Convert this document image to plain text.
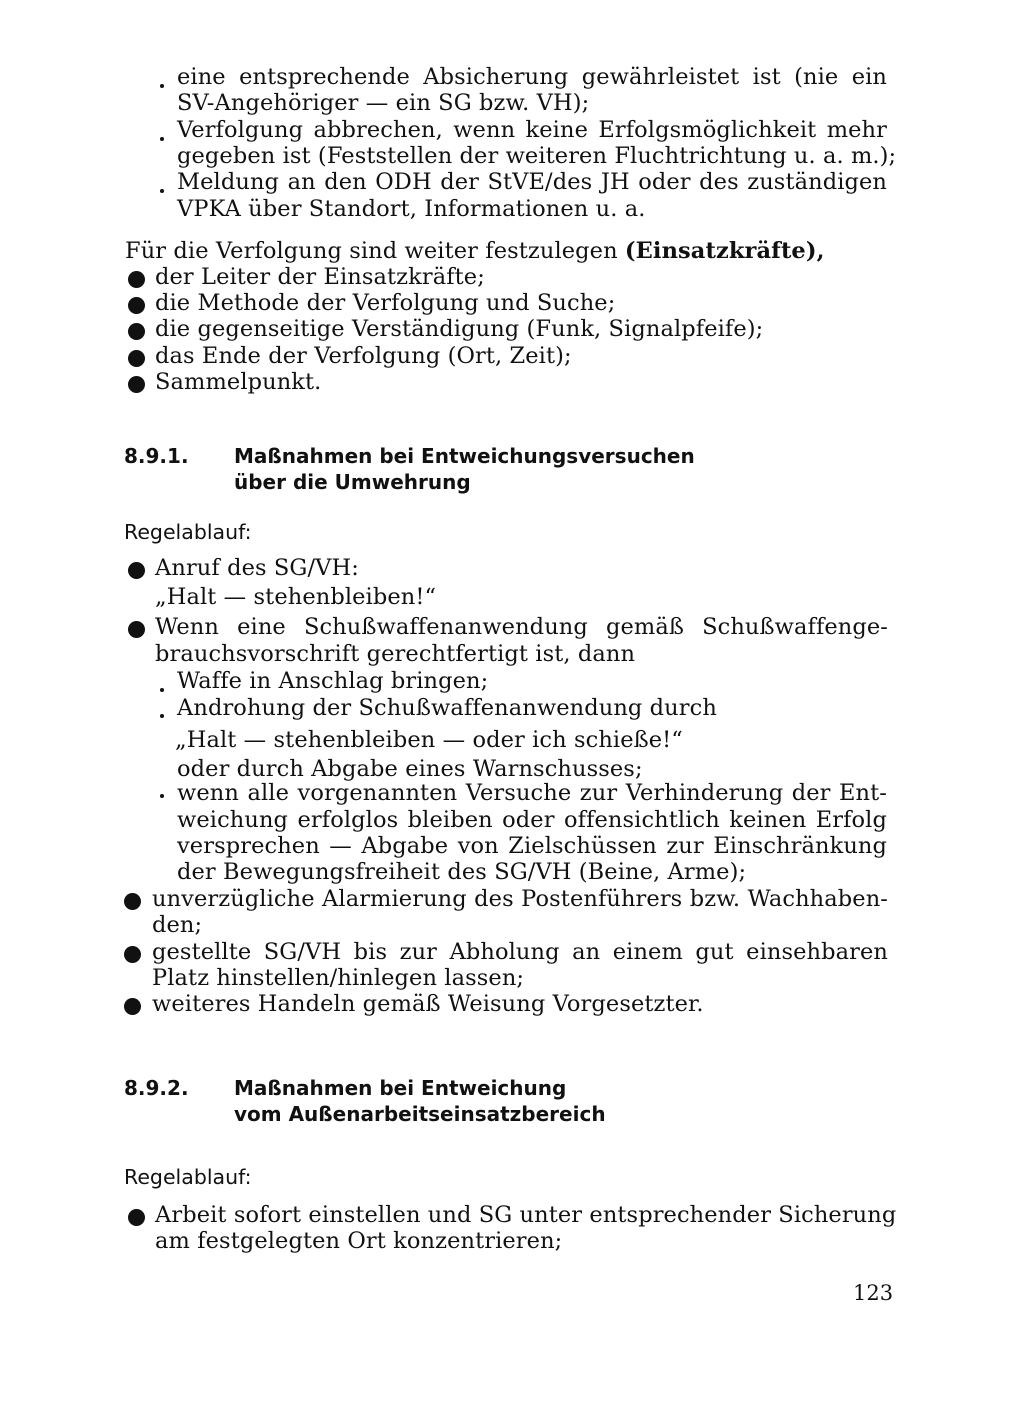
eine entsprechende Absicherung gewährleistet ist (nie ein
SV-Angehöriger — ein SG bzw. VH);
Verfolgung abbrechen, wenn keine Erfolgsmöglichkeit mehr
gegeben ist (Feststellen der weiteren Fluchtrichtung u. a. m.);
Meldung an den ODH der StVE/des JH oder des zuständigen
VPKA über Standort, Informationen u. a.
Für die Verfolgung sind weiter festzulegen (Einsatzkräfte),
der Leiter der Einsatzkräfte;
die Methode der Verfolgung und Suche;
die gegenseitige Verständigung (Funk, Signalpfeife);
das Ende der Verfolgung (Ort, Zeit);
Sammelpunkt.
8.9.1. Maßnahmen bei Entweichungsversuchen
über die Umwehrung
Regelablauf:
Anruf des SG/VH:
„Halt — stehenbleiben!“
Wenn eine Schußwaffenanwendung gemäß Schußwaffenge-
brauchsvorschrift gerechtfertigt ist, dann
Waffe in Anschlag bringen;
Androhung der Schußwaffenanwendung durch
„Halt — stehenbleiben — oder ich schieße!“
oder durch Abgabe eines Warnschusses;
wenn alle vorgenannten Versuche zur Verhinderung der Ent-
weichung erfolglos bleiben oder offensichtlich keinen Erfolg
versprechen — Abgabe von Zielschüssen zur Einschränkung
der Bewegungsfreiheit des SG/VH (Beine, Arme);
unverzügliche Alarmierung des Postenführers bzw. Wachhaben-
den;
gestellte SG/VH bis zur Abholung an einem gut einsehbaren
Platz hinstellen/hinlegen lassen;
weiteres Handeln gemäß Weisung Vorgesetzter.
8.9.2. Maßnahmen bei Entweichung
vom Außenarbeitseinsatzbereich
Regelablauf:
Arbeit sofort einstellen und SG unter entsprechender Sicherung
am festgelegten Ort konzentrieren;
123
